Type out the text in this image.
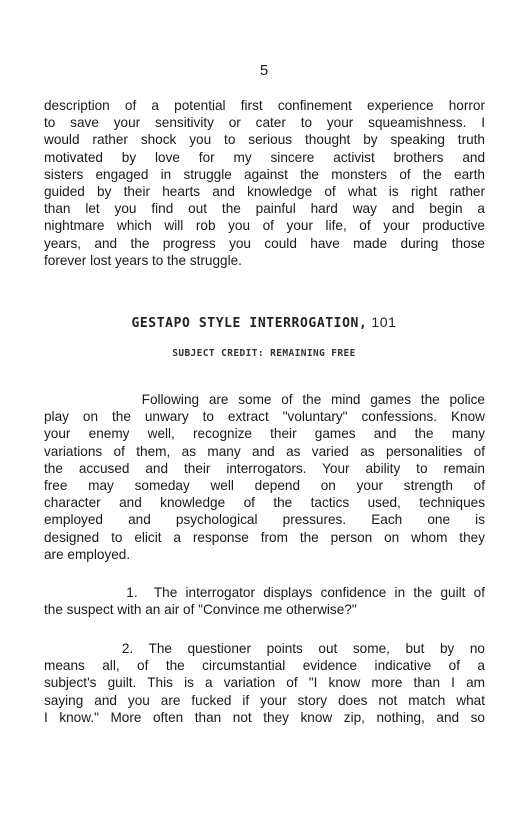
5
description of a potential first confinement experience horror
to save your sensitivity or cater to your squeamishness. I
would rather shock you to serious thought by speaking truth
motivated by love for my sincere activist brothers and
sisters engaged in struggle against the monsters of the earth
guided by their hearts and knowledge of what is right rather
than let you find out the painful hard way and begin a
nightmare which will rob you of your life, of your productive
years, and the progress you could have made during those
forever lost years to the struggle.
GESTAPO STYLE INTERROGATION, 101
SUBJECT CREDIT: REMAINING FREE
Following are some of the mind games the police
play on the unwary to extract "voluntary" confessions. Know
your enemy well, recognize their games and the many
variations of them, as many and as varied as personalities of
the accused and their interrogators. Your ability to remain
free may someday well depend on your strength of
character and knowledge of the tactics used, techniques
employed and psychological pressures. Each one is
designed to elicit a response from the person on whom they
are employed.
1.  The interrogator displays confidence in the guilt of
the suspect with an air of "Convince me otherwise?"
2.  The  questioner  points  out  some,  but  by  no
means all, of the circumstantial evidence indicative of a
subject's guilt. This is a variation of "I know more than I am
saying and you are fucked if your story does not match what
I know." More often than not they know zip, nothing, and so
